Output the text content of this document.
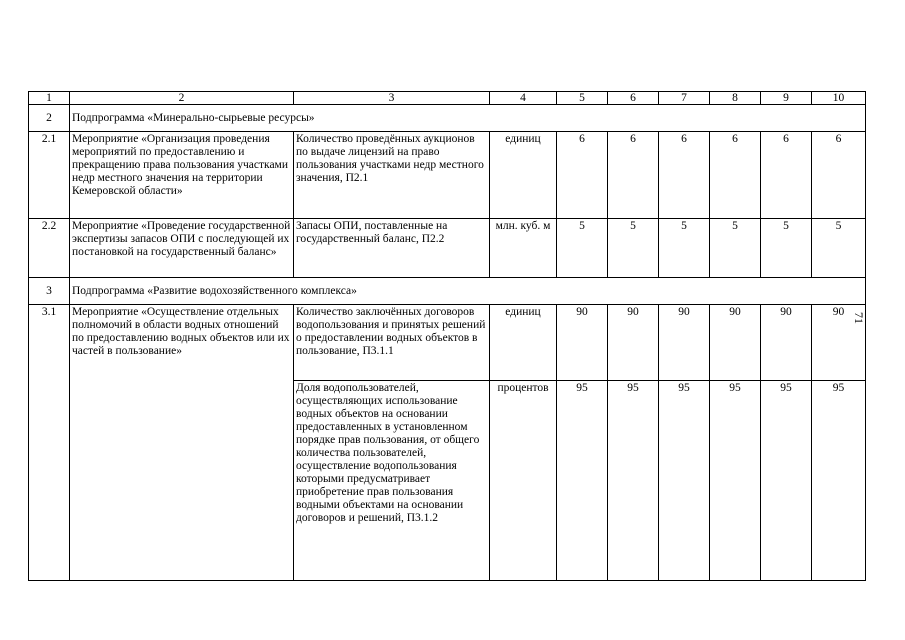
1	2	3	4	5	6	7	8	9	10
2	Подпрограмма «Минерально-сырьевые ресурсы»								
2.1	Мероприятие «Организация проведения мероприятий по предоставлению и прекращению права пользования участками недр местного значения на территории Кемеровской области»	Количество проведённых аукционов по выдаче лицензий на право пользования участками недр местного значения, П2.1	единиц	6	6	6	6	6	6
2.2	Мероприятие «Проведение государственной экспертизы запасов ОПИ с последующей их постановкой на государственный баланс»	Запасы ОПИ, поставленные на государственный баланс, П2.2	млн. куб. м	5	5	5	5	5	5
3	Подпрограмма «Развитие водохозяйственного комплекса»								
3.1	Мероприятие «Осуществление отдельных полномочий в области водных отношений по предоставлению водных объектов или их частей в пользование»	Количество заключённых договоров водопользования и принятых решений о предоставлении водных объектов в пользование, П3.1.1	единиц	90	90	90	90	90	90
		Доля водопользователей, осуществляющих использование водных объектов на основании предоставленных в установленном порядке прав пользования, от общего количества пользователей, осуществление водопользования которыми предусматривает приобретение прав пользования водными объектами на основании договоров и решений, П3.1.2	процентов	95	95	95	95	95	95
71
